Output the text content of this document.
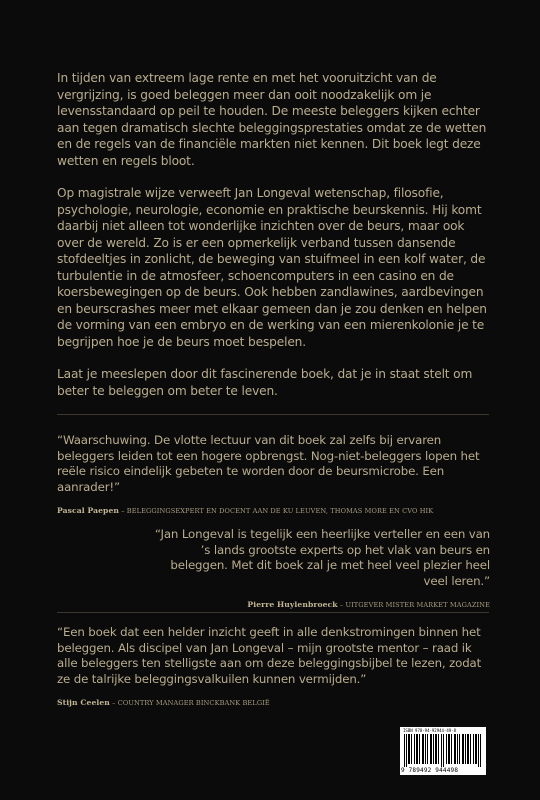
In tijden van extreem lage rente en met het vooruitzicht van de vergrijzing, is goed beleggen meer dan ooit noodzakelijk om je levensstandaard op peil te houden. De meeste beleggers kijken echter aan tegen dramatisch slechte beleggingsprestaties omdat ze de wetten en de regels van de financiële markten niet kennen. Dit boek legt deze wetten en regels bloot.

Op magistrale wijze verweeft Jan Longeval wetenschap, filosofie, psychologie, neurologie, economie en praktische beurskennis. Hij komt daarbij niet alleen tot wonderlijke inzichten over de beurs, maar ook over de wereld. Zo is er een opmerkelijk verband tussen dansende stofdeeltjes in zonlicht, de beweging van stuifmeel in een kolf water, de turbulentie in de atmosfeer, schoencomputers in een casino en de koersbewegingen op de beurs. Ook hebben zandlawines, aardbevingen en beurscrashes meer met elkaar gemeen dan je zou denken en helpen de vorming van een embryo en de werking van een mierenkolonie je te begrijpen hoe je de beurs moet bespelen.

Laat je meeslepen door dit fascinerende boek, dat je in staat stelt om beter te beleggen om beter te leven.

“Waarschuwing. De vlotte lectuur van dit boek zal zelfs bij ervaren beleggers leiden tot een hogere opbrengst. Nog-niet-beleggers lopen het reële risico eindelijk gebeten te worden door de beursmicrobe. Een aanrader!”

Pascal Paepen – BELEGGINGSEXPERT EN DOCENT AAN DE KU LEUVEN, THOMAS MORE EN CVO HIK

“Jan Longeval is tegelijk een heerlijke verteller en een van ’s lands grootste experts op het vlak van beurs en beleggen. Met dit boek zal je met heel veel plezier heel veel leren.”

Pierre Huylenbroeck – UITGEVER MISTER MARKET MAGAZINE

“Een boek dat een helder inzicht geeft in alle denkstromingen binnen het beleggen. Als discipel van Jan Longeval – mijn grootste mentor – raad ik alle beleggers ten stelligste aan om deze beleggingsbijbel te lezen, zodat ze de talrijke beleggingsvalkuilen kunnen vermijden.”

Stijn Ceelen – COUNTRY MANAGER BINCKBANK BELGIË
ISBN 978-94-92944-49-8
9 789492 944498
